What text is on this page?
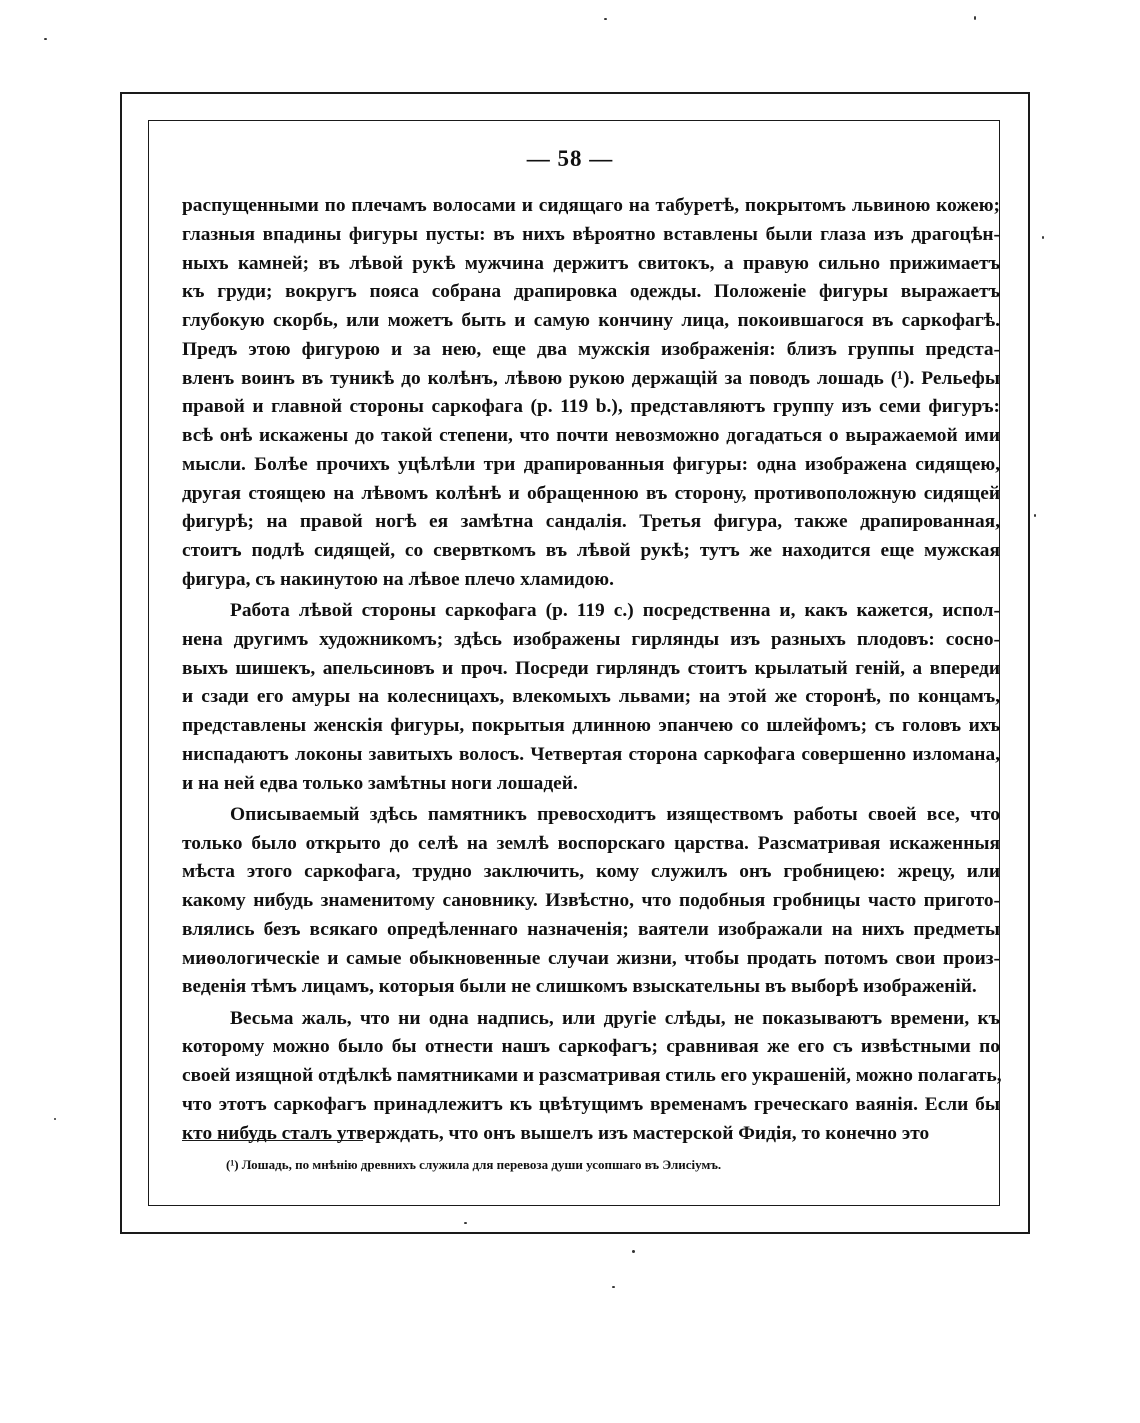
— 58 —
распущенными по плечамъ волосами и сидящаго на табуретѣ, покрытомъ львиною кожею;
глазныя впадины фигуры пусты: въ нихъ вѣроятно вставлены были глаза изъ драгоцѣн-
ныхъ камней; въ лѣвой рукѣ мужчина держитъ свитокъ, а правую сильно прижимаетъ
къ груди; вокругъ пояса собрана драпировка одежды. Положеніе фигуры выражаетъ
глубокую скорбь, или можетъ быть и самую кончину лица, покоившагося въ саркофагѣ.
Предъ этою фигурою и за нею, еще два мужскія изображенія: близъ группы предста-
вленъ воинъ въ туникѣ до колѣнъ, лѣвою рукою держащій за поводъ лошадь (¹). Рельефы
правой и главной стороны саркофага (р. 119 b.), представляютъ группу изъ семи фигуръ:
всѣ онѣ искажены до такой степени, что почти невозможно догадаться о выражаемой ими
мысли. Болѣе прочихъ уцѣлѣли три драпированныя фигуры: одна изображена сидящею,
другая стоящею на лѣвомъ колѣнѣ и обращенною въ сторону, противоположную сидящей
фигурѣ; на правой ногѣ ея замѣтна сандалія. Третья фигура, также драпированная,
стоитъ подлѣ сидящей, со свервткомъ въ лѣвой рукѣ; тутъ же находится еще мужская
фигура, съ накинутою на лѣвое плечо хламидою.
Работа лѣвой стороны саркофага (р. 119 c.) посредственна и, какъ кажется, испол-
нена другимъ художникомъ; здѣсь изображены гирлянды изъ разныхъ плодовъ: сосно-
выхъ шишекъ, апельсиновъ и проч. Посреди гирляндъ стоитъ крылатый геній, а впереди
и сзади его амуры на колесницахъ, влекомыхъ львами; на этой же сторонѣ, по концамъ,
представлены женскія фигуры, покрытыя длинною эпанчею со шлейфомъ; съ головъ ихъ
ниспадаютъ локоны завитыхъ волосъ. Четвертая сторона саркофага совершенно изломана,
и на ней едва только замѣтны ноги лошадей.
Описываемый здѣсь памятникъ превосходитъ изяществомъ работы своей все, что
только было открыто до селѣ на землѣ воспорскаго царства. Разсматривая искаженныя
мѣста этого саркофага, трудно заключить, кому служилъ онъ гробницею: жрецу, или
какому нибудь знаменитому сановнику. Извѣстно, что подобныя гробницы часто пригото-
влялись безъ всякаго опредѣленнаго назначенія; ваятели изображали на нихъ предметы
миѳологическіе и самые обыкновенные случаи жизни, чтобы продать потомъ свои произ-
веденія тѣмъ лицамъ, которыя были не слишкомъ взыскательны въ выборѣ изображеній.
Весьма жаль, что ни одна надпись, или другіе слѣды, не показываютъ времени, къ
которому можно было бы отнести нашъ саркофагъ; сравнивая же его съ извѣстными по
своей изящной отдѣлкѣ памятниками и разсматривая стиль его украшеній, можно полагать,
что этотъ саркофагъ принадлежитъ къ цвѣтущимъ временамъ греческаго ваянія. Если бы
кто нибудь сталъ утверждать, что онъ вышелъ изъ мастерской Фидія, то конечно это
(¹) Лошадь, по мнѣнію древнихъ служила для перевоза души усопшаго въ Элисіумъ.
